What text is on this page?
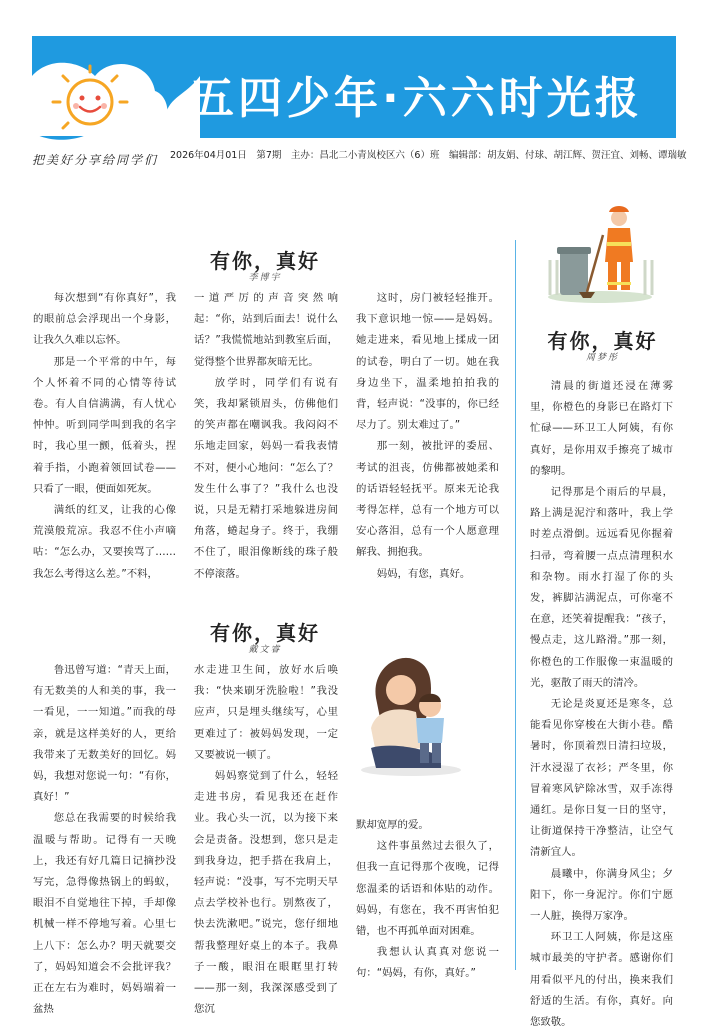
五四少年·六六时光报
把美好分享给同学们 2026年04月01日　第7期　主办：昌北二小青岚校区六（6）班　编辑部：胡友娟、付球、胡江辉、贺汪宜、刘畅、谭瑞敏
有你，真好
李博宇

每次想到“有你真好”，我的眼前总会浮现出一个身影，让我久久难以忘怀。

那是一个平常的中午，每个人怀着不同的心情等待试卷。有人自信满满，有人忧心忡忡。听到同学叫到我的名字时，我心里一颤，低着头，捏着手指，小跑着领回试卷——只看了一眼，便面如死灰。

满纸的红叉，让我的心像荒漠般荒凉。我忍不住小声嘀咕：“怎么办，又要挨骂了……我怎么考得这么差。”不料，

一道严厉的声音突然响起：“你，站到后面去！说什么话？”我慌慌地站到教室后面，觉得整个世界都灰暗无比。

放学时，同学们有说有笑，我却紧锁眉头，仿佛他们的笑声都在嘲讽我。我闷闷不乐地走回家，妈妈一看我表情不对，便小心地问：“怎么了？发生什么事了？”我什么也没说，只是无精打采地躲进房间角落，蜷起身子。终于，我绷不住了，眼泪像断线的珠子般不停滚落。

这时，房门被轻轻推开。我下意识地一惊——是妈妈。她走进来，看见地上揉成一团的试卷，明白了一切。她在我身边坐下，温柔地拍拍我的背，轻声说：“没事的，你已经尽力了。别太难过了。”

那一刻，被批评的委屈、考试的沮丧，仿佛都被她柔和的话语轻轻抚平。原来无论我考得怎样，总有一个地方可以安心落泪，总有一个人愿意理解我、拥抱我。

妈妈，有您，真好。

有你，真好
戴文睿

鲁迅曾写道：“青天上面，有无数美的人和美的事，我一一看见，一一知道。”而我的母亲，就是这样美好的人，更给我带来了无数美好的回忆。妈妈，我想对您说一句：“有你，真好！”

您总在我需要的时候给我温暖与帮助。记得有一天晚上，我还有好几篇日记摘抄没写完，急得像热锅上的蚂蚁，眼泪不自觉地往下掉，手却像机械一样不停地写着。心里七上八下：怎么办？明天就要交了，妈妈知道会不会批评我？正在左右为难时，妈妈端着一盆热

水走进卫生间，放好水后唤我：“快来刷牙洗脸啦！”我没应声，只是埋头继续写，心里更难过了：被妈妈发现，一定又要被说一顿了。

妈妈察觉到了什么，轻轻走进书房，看见我还在赶作业。我心头一沉，以为接下来会是责备。没想到，您只是走到我身边，把手搭在我肩上，轻声说：“没事，写不完明天早点去学校补也行。别熬夜了，快去洗漱吧。”说完，您仔细地帮我整理好桌上的本子。我鼻子一酸，眼泪在眼眶里打转——那一刻，我深深感受到了您沉

默却宽厚的爱。

这件事虽然过去很久了，但我一直记得那个夜晚，记得您温柔的话语和体贴的动作。妈妈，有您在，我不再害怕犯错，也不再孤单面对困难。

我想认认真真对您说一句：“妈妈，有你，真好。”

有你，真好
周梦彤

清晨的街道还浸在薄雾里，你橙色的身影已在路灯下忙碌——环卫工人阿姨，有你真好，是你用双手擦亮了城市的黎明。

记得那是个雨后的早晨，路上满是泥泞和落叶，我上学时差点滑倒。远远看见你握着扫帚，弯着腰一点点清理积水和杂物。雨水打湿了你的头发，裤脚沾满泥点，可你毫不在意，还笑着提醒我：“孩子，慢点走，这儿路滑。”那一刻，你橙色的工作服像一束温暖的光，驱散了雨天的清冷。

无论是炎夏还是寒冬，总能看见你穿梭在大街小巷。酷暑时，你顶着烈日清扫垃圾，汗水浸湿了衣衫；严冬里，你冒着寒风铲除冰雪，双手冻得通红。是你日复一日的坚守，让街道保持干净整洁，让空气清新宜人。

晨曦中，你满身风尘；夕阳下，你一身泥泞。你们宁愿一人脏，换得万家净。

环卫工人阿姨，你是这座城市最美的守护者。感谢你们用看似平凡的付出，换来我们舒适的生活。有你，真好。向您致敬。
